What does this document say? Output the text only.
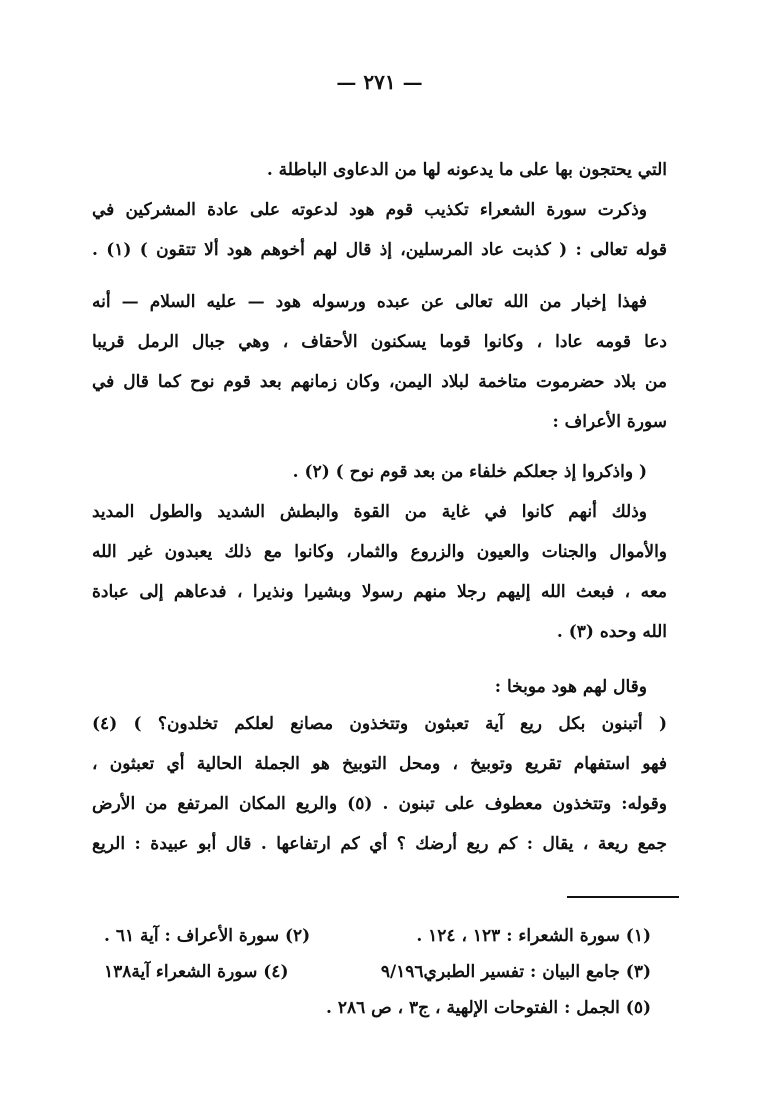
— ٢٧١ —
التي يحتجون بها على ما يدعونه لها من الدعاوى الباطلة .
وذكرت سورة الشعراء تكذيب قوم هود لدعوته على عادة المشركين في
قوله تعالى : ( كذبت عاد المرسلين، إذ قال لهم أخوهم هود ألا تتقون ) (١) .
فهذا إخبار من الله تعالى عن عبده ورسوله هود — عليه السلام — أنه
دعا قومه عادا ، وكانوا قوما يسكنون الأحقاف ، وهي جبال الرمل قريبا
من بلاد حضرموت متاخمة لبلاد اليمن، وكان زمانهم بعد قوم نوح كما قال في
سورة الأعراف :
( واذكروا إذ جعلكم خلفاء من بعد قوم نوح ) (٢) .
وذلك أنهم كانوا في غاية من القوة والبطش الشديد والطول المديد
والأموال والجنات والعيون والزروع والثمار، وكانوا مع ذلك يعبدون غير الله
معه ، فبعث الله إليهم رجلا منهم رسولا وبشيرا ونذيرا ، فدعاهم إلى عبادة
الله وحده (٣) .
وقال لهم هود موبخا :
( أتبنون بكل ريع آية تعبثون وتتخذون مصانع لعلكم تخلدون؟ ) (٤)
فهو استفهام تقريع وتوبيخ ، ومحل التوبيخ هو الجملة الحالية أي تعبثون ،
وقوله: وتتخذون معطوف على تبنون . (٥) والريع المكان المرتفع من الأرض
جمع ريعة ، يقال : كم ريع أرضك ؟ أي كم ارتفاعها . قال أبو عبيدة : الريع
(١) سورة الشعراء : ١٢٣ ، ١٢٤ .
(٢) سورة الأعراف : آية ٦١ .
(٣) جامع البيان : تفسير الطبري٩/١٩٦
(٤) سورة الشعراء آية١٣٨
(٥) الجمل : الفتوحات الإلهية ، ج٣ ، ص ٢٨٦ .
